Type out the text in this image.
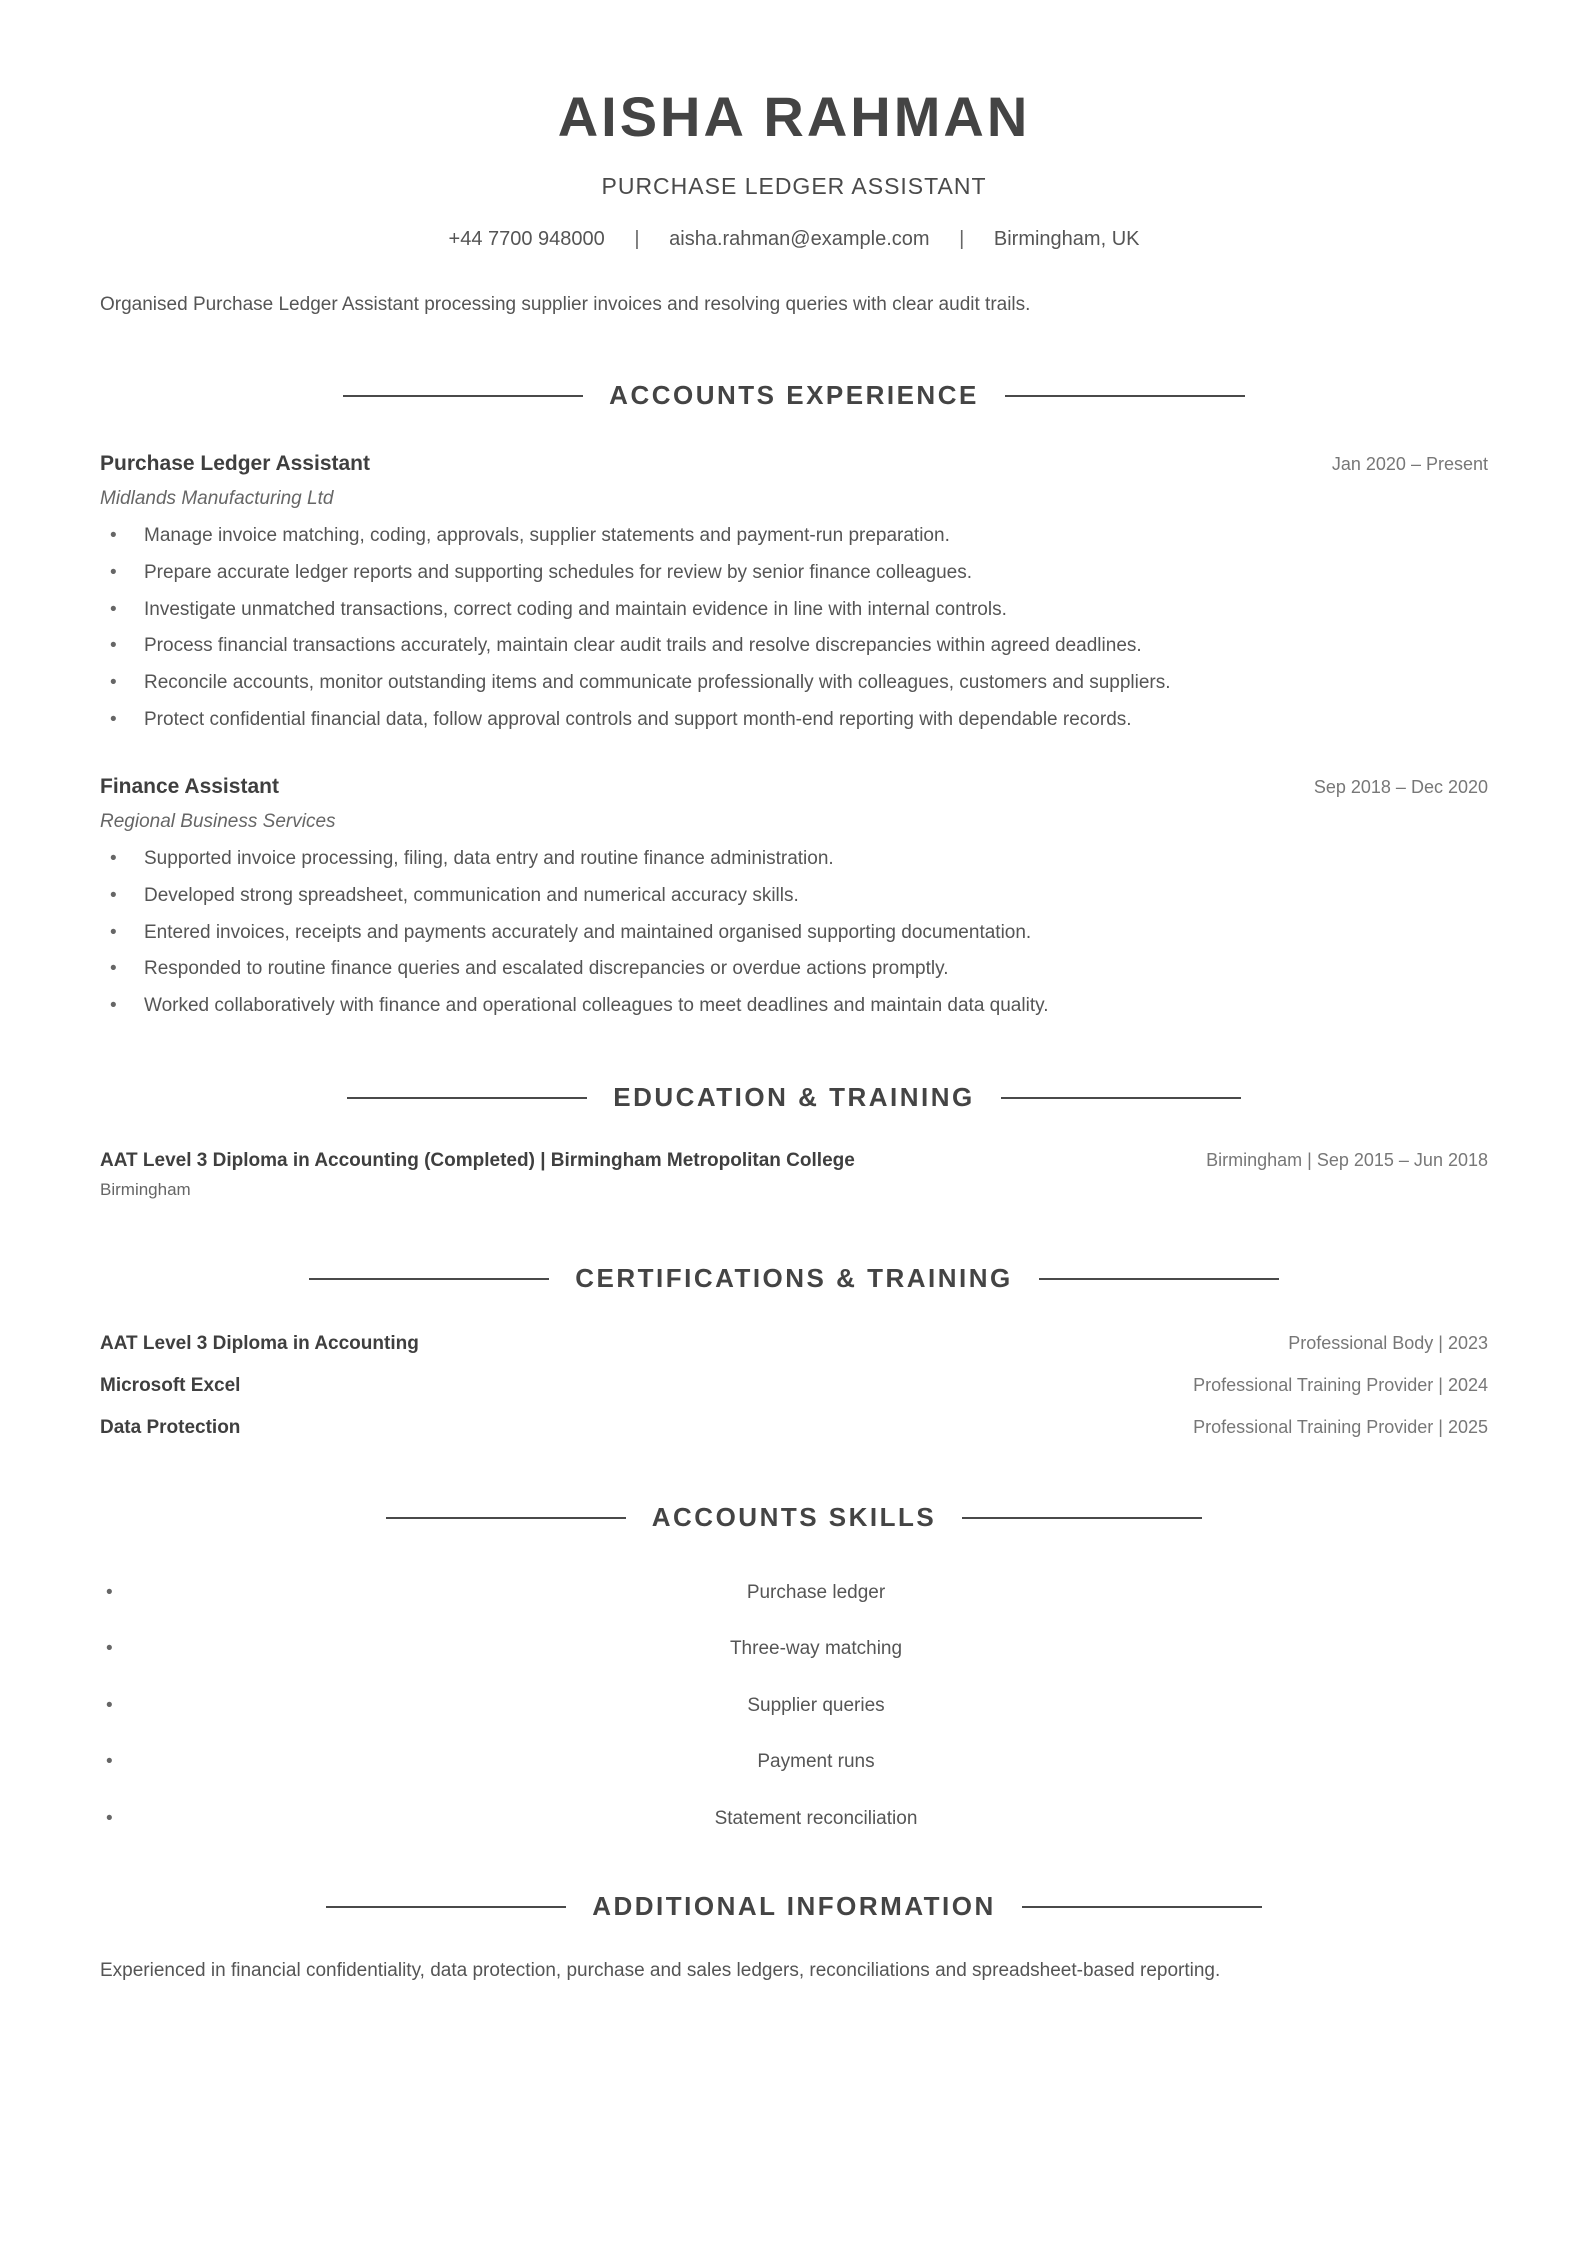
AISHA RAHMAN
PURCHASE LEDGER ASSISTANT
+44 7700 948000 | aisha.rahman@example.com | Birmingham, UK

Organised Purchase Ledger Assistant processing supplier invoices and resolving queries with clear audit trails.

ACCOUNTS EXPERIENCE
Purchase Ledger Assistant	Jan 2020 – Present
Midlands Manufacturing Ltd
• Manage invoice matching, coding, approvals, supplier statements and payment-run preparation.
• Prepare accurate ledger reports and supporting schedules for review by senior finance colleagues.
• Investigate unmatched transactions, correct coding and maintain evidence in line with internal controls.
• Process financial transactions accurately, maintain clear audit trails and resolve discrepancies within agreed deadlines.
• Reconcile accounts, monitor outstanding items and communicate professionally with colleagues, customers and suppliers.
• Protect confidential financial data, follow approval controls and support month-end reporting with dependable records.
Finance Assistant	Sep 2018 – Dec 2020
Regional Business Services
• Supported invoice processing, filing, data entry and routine finance administration.
• Developed strong spreadsheet, communication and numerical accuracy skills.
• Entered invoices, receipts and payments accurately and maintained organised supporting documentation.
• Responded to routine finance queries and escalated discrepancies or overdue actions promptly.
• Worked collaboratively with finance and operational colleagues to meet deadlines and maintain data quality.
EDUCATION & TRAINING
AAT Level 3 Diploma in Accounting (Completed) | Birmingham Metropolitan College	Birmingham | Sep 2015 – Jun 2018
Birmingham
CERTIFICATIONS & TRAINING
AAT Level 3 Diploma in Accounting	Professional Body | 2023
Microsoft Excel	Professional Training Provider | 2024
Data Protection	Professional Training Provider | 2025
ACCOUNTS SKILLS
• Purchase ledger
• Three-way matching
• Supplier queries
• Payment runs
• Statement reconciliation
ADDITIONAL INFORMATION

Experienced in financial confidentiality, data protection, purchase and sales ledgers, reconciliations and spreadsheet-based reporting.
